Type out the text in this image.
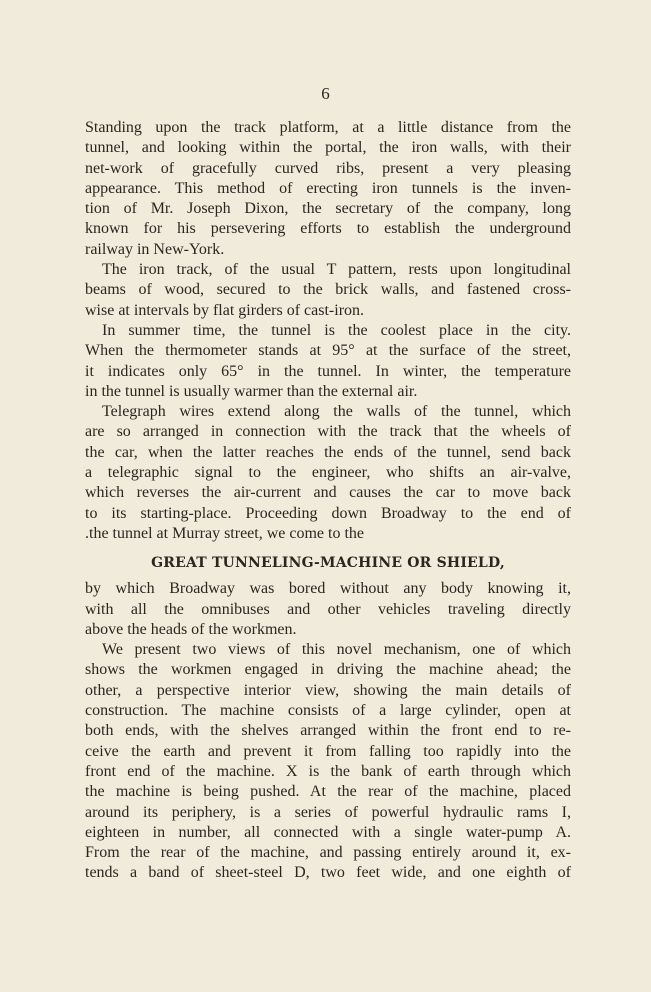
6

Standing upon the track platform, at a little distance from the
tunnel, and looking within the portal, the iron walls, with their
net-work of gracefully curved ribs, present a very pleasing
appearance. This method of erecting iron tunnels is the inven-
tion of Mr. Joseph Dixon, the secretary of the company, long
known for his persevering efforts to establish the underground
railway in New-York.

The iron track, of the usual T pattern, rests upon longitudinal
beams of wood, secured to the brick walls, and fastened cross-
wise at intervals by flat girders of cast-iron.

In summer time, the tunnel is the coolest place in the city.
When the thermometer stands at 95° at the surface of the street,
it indicates only 65° in the tunnel. In winter, the temperature
in the tunnel is usually warmer than the external air.

Telegraph wires extend along the walls of the tunnel, which
are so arranged in connection with the track that the wheels of
the car, when the latter reaches the ends of the tunnel, send back
a telegraphic signal to the engineer, who shifts an air-valve,
which reverses the air-current and causes the car to move back
to its starting-place. Proceeding down Broadway to the end of
.the tunnel at Murray street, we come to the

GREAT TUNNELING-MACHINE OR SHIELD,

by which Broadway was bored without any body knowing it,
with all the omnibuses and other vehicles traveling directly
above the heads of the workmen.

We present two views of this novel mechanism, one of which
shows the workmen engaged in driving the machine ahead; the
other, a perspective interior view, showing the main details of
construction. The machine consists of a large cylinder, open at
both ends, with the shelves arranged within the front end to re-
ceive the earth and prevent it from falling too rapidly into the
front end of the machine. X is the bank of earth through which
the machine is being pushed. At the rear of the machine, placed
around its periphery, is a series of powerful hydraulic rams I,
eighteen in number, all connected with a single water-pump A.
From the rear of the machine, and passing entirely around it, ex-
tends a band of sheet-steel D, two feet wide, and one eighth of
